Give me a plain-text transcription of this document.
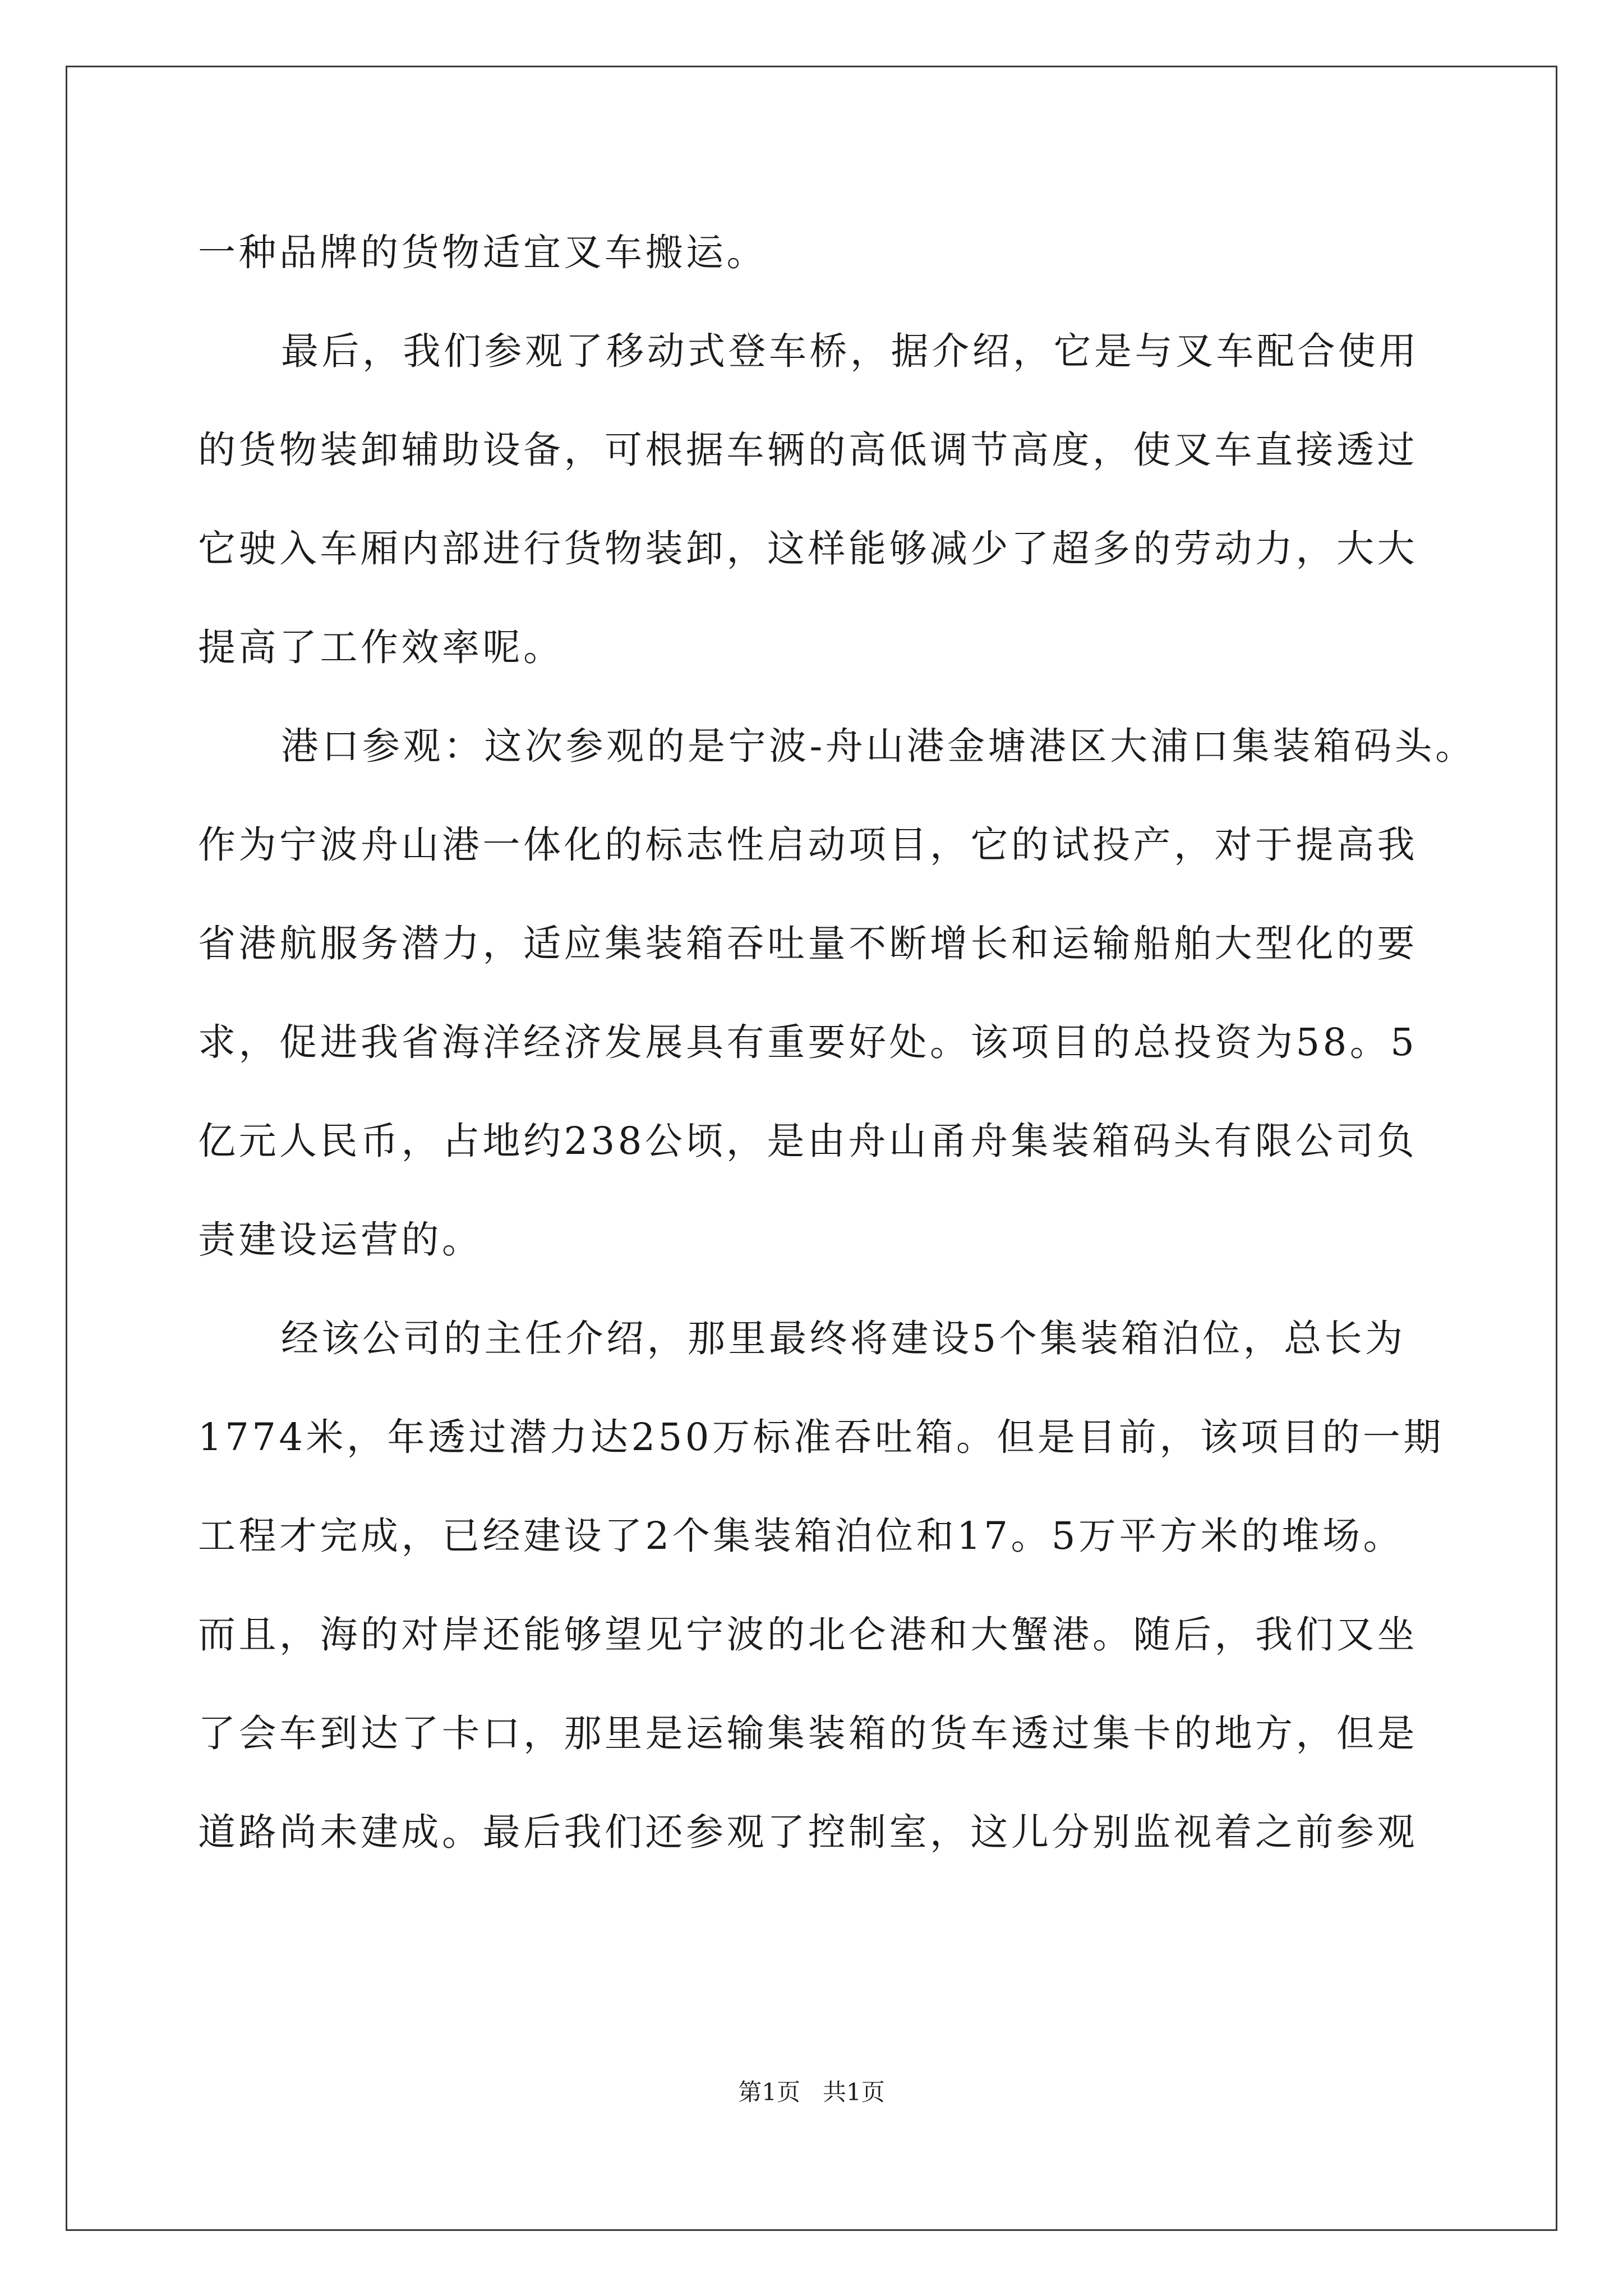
一种品牌的货物适宜叉车搬运。
最后，我们参观了移动式登车桥，据介绍，它是与叉车配合使用
的货物装卸辅助设备，可根据车辆的高低调节高度，使叉车直接透过
它驶入车厢内部进行货物装卸，这样能够减少了超多的劳动力，大大
提高了工作效率呢。
港口参观：这次参观的是宁波-舟山港金塘港区大浦口集装箱码头。
作为宁波舟山港一体化的标志性启动项目，它的试投产，对于提高我
省港航服务潜力，适应集装箱吞吐量不断增长和运输船舶大型化的要
求，促进我省海洋经济发展具有重要好处。该项目的总投资为58。5
亿元人民币，占地约238公顷，是由舟山甬舟集装箱码头有限公司负
责建设运营的。
经该公司的主任介绍，那里最终将建设5个集装箱泊位，总长为
1774米，年透过潜力达250万标准吞吐箱。但是目前，该项目的一期
工程才完成，已经建设了2个集装箱泊位和17。5万平方米的堆场。
而且，海的对岸还能够望见宁波的北仑港和大蟹港。随后，我们又坐
了会车到达了卡口，那里是运输集装箱的货车透过集卡的地方，但是
道路尚未建成。最后我们还参观了控制室，这儿分别监视着之前参观
第1页   共1页
